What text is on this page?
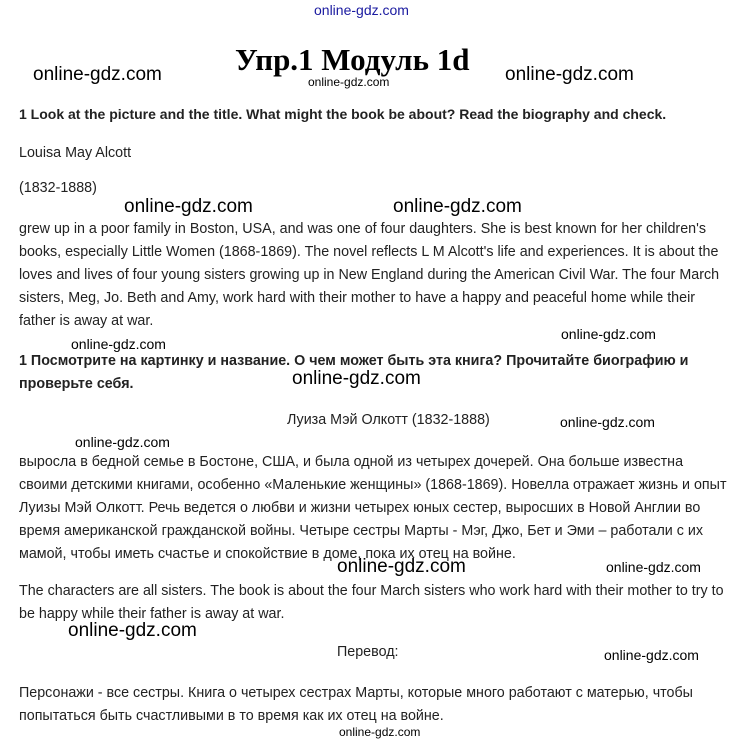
online-gdz.com
online-gdz.com	online-gdz.com
online-gdz.com
online-gdz.com	online-gdz.com
online-gdz.com
online-gdz.com
online-gdz.com
online-gdz.com
online-gdz.com
online-gdz.com	online-gdz.com
online-gdz.com
online-gdz.com
online-gdz.com
Упр.1 Модуль 1d
1 Look at the picture and the title. What might the book be about? Read the biography and check.
Louisa May Alcott
(1832-1888)
grew up in a poor family in Boston, USA, and was one of four daughters. She is best known for her children's books, especially Little Women (1868-1869). The novel reflects L M Alcott's life and experiences. It is about the loves and lives of four young sisters growing up in New England during the American Civil War. The four March sisters, Meg, Jo. Beth and Amy, work hard with their mother to have a happy and peaceful home while their father is away at war.
1 Посмотрите на картинку и название. О чем может быть эта книга? Прочитайте биографию и проверьте себя.
Луиза Мэй Олкотт (1832-1888)
выросла в бедной семье в Бостоне, США, и была одной из четырех дочерей. Она больше известна своими детскими книгами, особенно «Маленькие женщины» (1868-1869). Новелла отражает жизнь и опыт Луизы Мэй Олкотт. Речь ведется о любви и жизни четырех юных сестер, выросших в Новой Англии во время американской гражданской войны. Четыре сестры Марты - Мэг, Джо, Бет и Эми – работали с их мамой, чтобы иметь счастье и спокойствие в доме, пока их отец на войне.
The characters are all sisters. The book is about the four March sisters who work hard with their mother to try to be happy while their father is away at war.
Перевод:
Персонажи - все сестры. Книга о четырех сестрах Марты, которые много работают с матерью, чтобы попытаться быть счастливыми в то время как их отец на войне.
